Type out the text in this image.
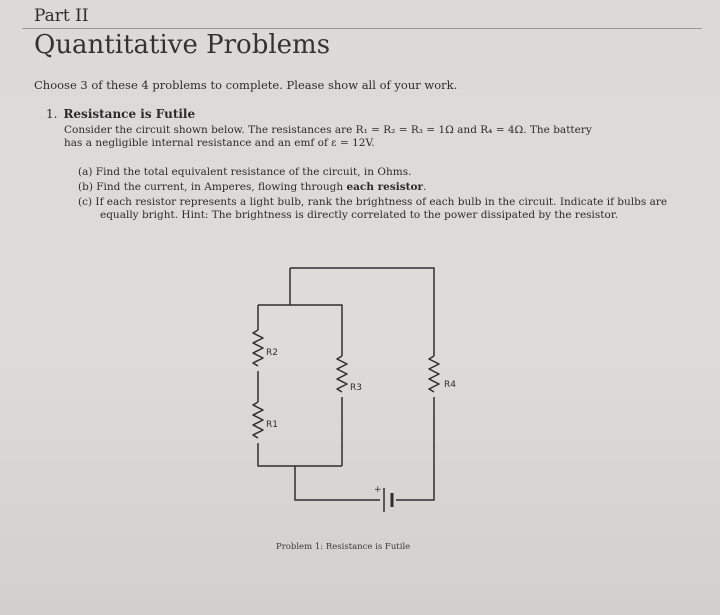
Part II
Quantitative Problems
Choose 3 of these 4 problems to complete. Please show all of your work.
1. Resistance is Futile
Consider the circuit shown below. The resistances are R₁ = R₂ = R₃ = 1Ω and R₄ = 4Ω. The battery
has a negligible internal resistance and an emf of ε = 12V.
(a) Find the total equivalent resistance of the circuit, in Ohms.
(b) Find the current, in Amperes, flowing through each resistor.
(c) If each resistor represents a light bulb, rank the brightness of each bulb in the circuit. Indicate if bulbs are equally bright. Hint: The brightness is directly correlated to the power dissipated by the resistor.
+
R2
R1
R3	R4
Problem 1: Resistance is Futile
